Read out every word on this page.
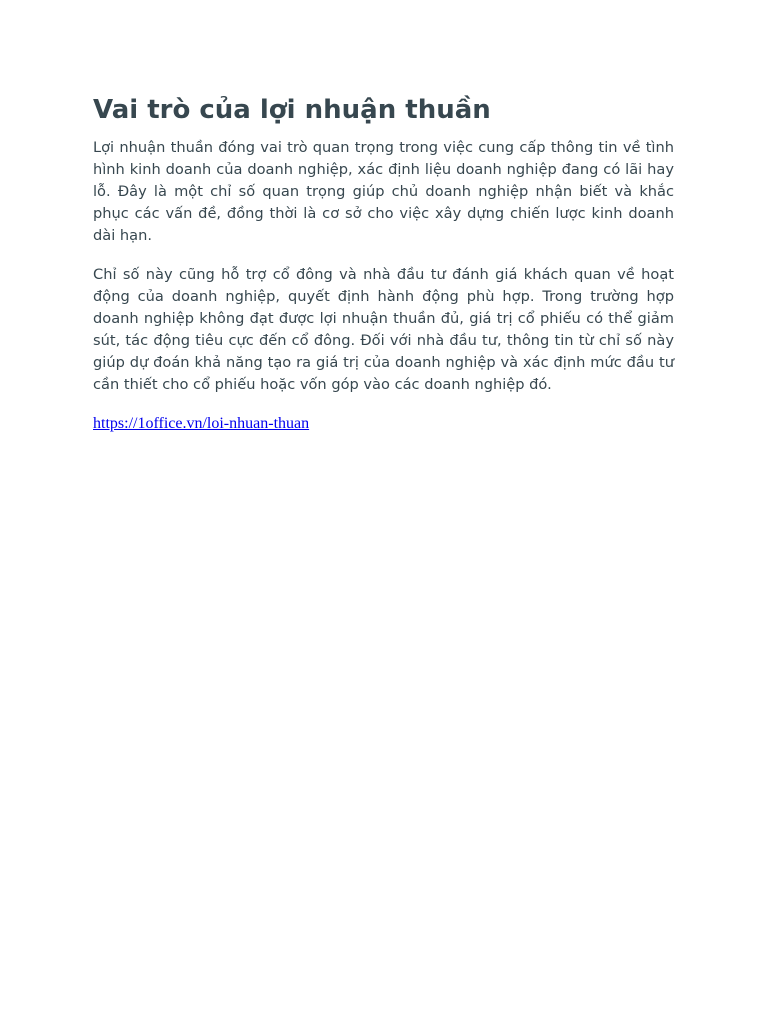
Vai trò của lợi nhuận thuần

Lợi nhuận thuần đóng vai trò quan trọng trong việc cung cấp thông tin về tình hình kinh doanh của doanh nghiệp, xác định liệu doanh nghiệp đang có lãi hay lỗ. Đây là một chỉ số quan trọng giúp chủ doanh nghiệp nhận biết và khắc phục các vấn đề, đồng thời là cơ sở cho việc xây dựng chiến lược kinh doanh dài hạn.

Chỉ số này cũng hỗ trợ cổ đông và nhà đầu tư đánh giá khách quan về hoạt động của doanh nghiệp, quyết định hành động phù hợp. Trong trường hợp doanh nghiệp không đạt được lợi nhuận thuần đủ, giá trị cổ phiếu có thể giảm sút, tác động tiêu cực đến cổ đông. Đối với nhà đầu tư, thông tin từ chỉ số này giúp dự đoán khả năng tạo ra giá trị của doanh nghiệp và xác định mức đầu tư cần thiết cho cổ phiếu hoặc vốn góp vào các doanh nghiệp đó.

https://1office.vn/loi-nhuan-thuan
